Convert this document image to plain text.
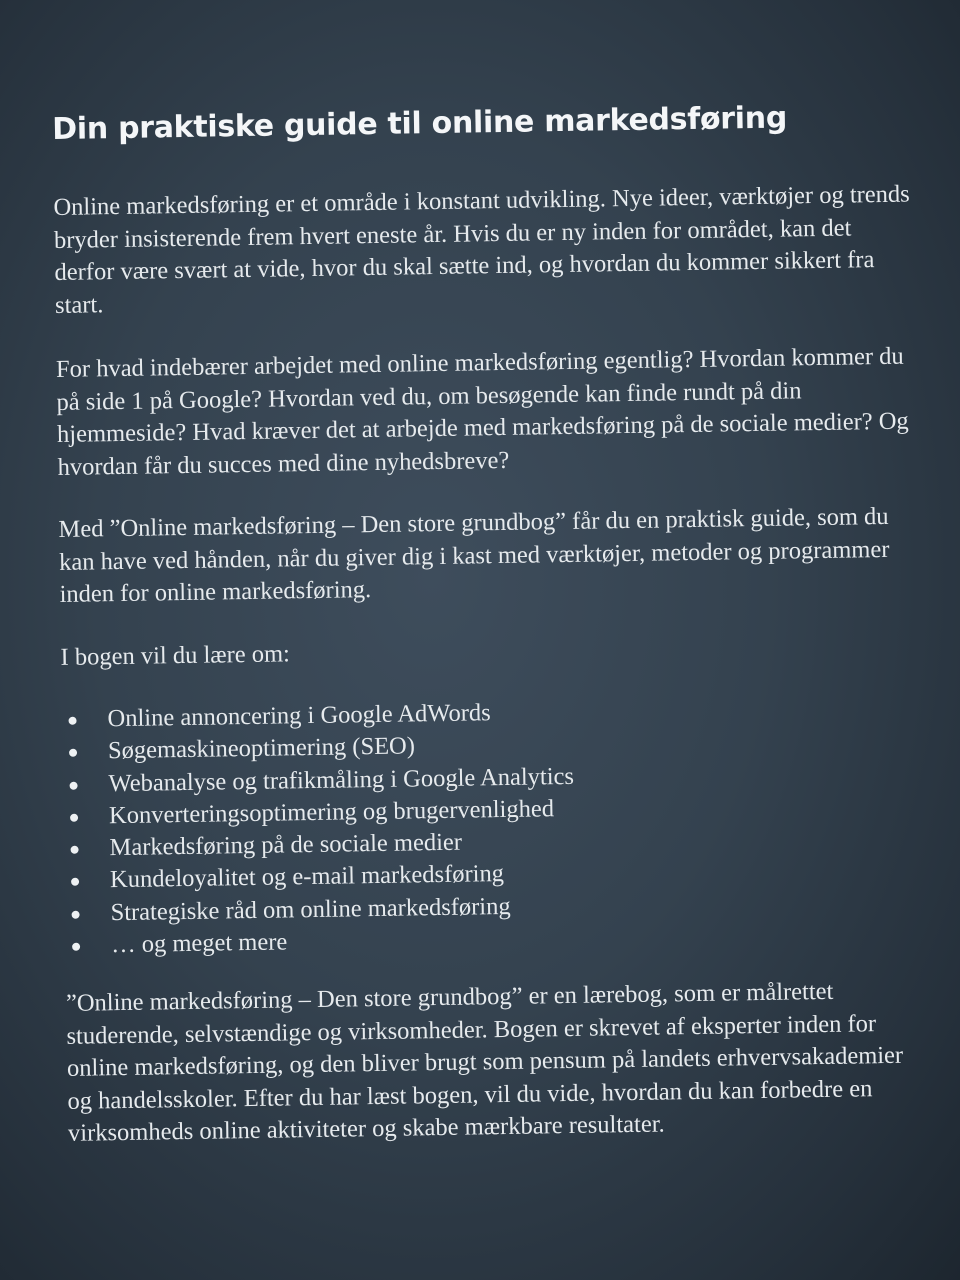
Din praktiske guide til online markedsføring

Online markedsføring er et område i konstant udvikling. Nye ideer, værktøjer og trends bryder insisterende frem hvert eneste år. Hvis du er ny inden for området, kan det derfor være svært at vide, hvor du skal sætte ind, og hvordan du kommer sikkert fra start.

For hvad indebærer arbejdet med online markedsføring egentlig? Hvordan kommer du på side 1 på Google? Hvordan ved du, om besøgende kan finde rundt på din hjemmeside? Hvad kræver det at arbejde med markedsføring på de sociale medier? Og hvordan får du succes med dine nyhedsbreve?

Med ”Online markedsføring – Den store grundbog” får du en praktisk guide, som du kan have ved hånden, når du giver dig i kast med værktøjer, metoder og programmer inden for online markedsføring.

I bogen vil du lære om:

Online annoncering i Google AdWords
Søgemaskineoptimering (SEO)
Webanalyse og trafikmåling i Google Analytics
Konverteringsoptimering og brugervenlighed
Markedsføring på de sociale medier
Kundeloyalitet og e-mail markedsføring
Strategiske råd om online markedsføring
… og meget mere

”Online markedsføring – Den store grundbog” er en lærebog, som er målrettet studerende, selvstændige og virksomheder. Bogen er skrevet af eksperter inden for online markedsføring, og den bliver brugt som pensum på landets erhvervsakademier og handelsskoler. Efter du har læst bogen, vil du vide, hvordan du kan forbedre en virksomheds online aktiviteter og skabe mærkbare resultater.
